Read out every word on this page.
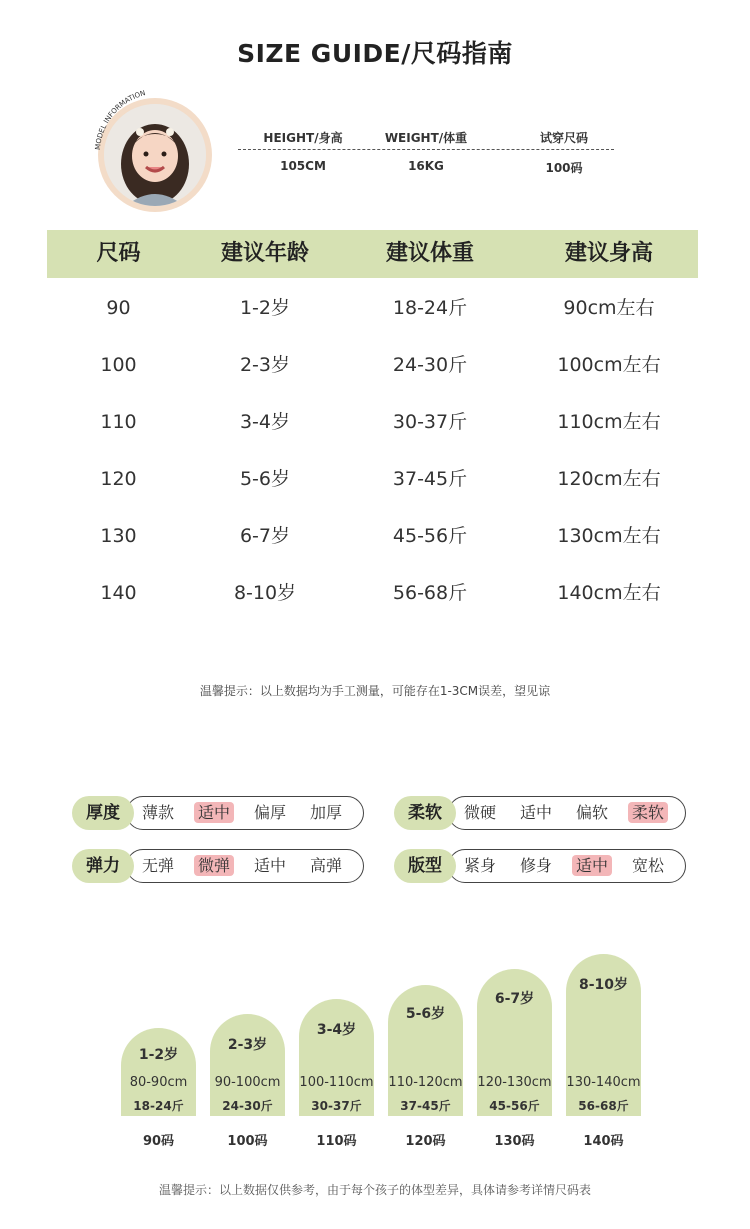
SIZE GUIDE/尺码指南
MODEL INFORMATION
HEIGHT/身高	WEIGHT/体重	试穿尺码
105CM	16KG	100码
尺码	建议年龄	建议体重	建议身高
90	1-2岁	18-24斤	90cm左右
100	2-3岁	24-30斤	100cm左右
110	3-4岁	30-37斤	110cm左右
120	5-6岁	37-45斤	120cm左右
130	6-7岁	45-56斤	130cm左右
140	8-10岁	56-68斤	140cm左右
温馨提示：以上数据均为手工测量，可能存在1-3CM误差，望见谅
厚度	薄款	适中	偏厚	加厚	柔软	微硬	适中	偏软	柔软
弹力	无弹	微弹	适中	高弹	版型	紧身	修身	适中	宽松
1-2岁
80-90cm
18-24斤
90码
2-3岁
90-100cm
24-30斤
100码
3-4岁
100-110cm
30-37斤
110码
5-6岁
110-120cm
37-45斤
120码
6-7岁
120-130cm
45-56斤
130码
8-10岁
130-140cm
56-68斤
140码
温馨提示：以上数据仅供参考，由于每个孩子的体型差异，具体请参考详情尺码表
